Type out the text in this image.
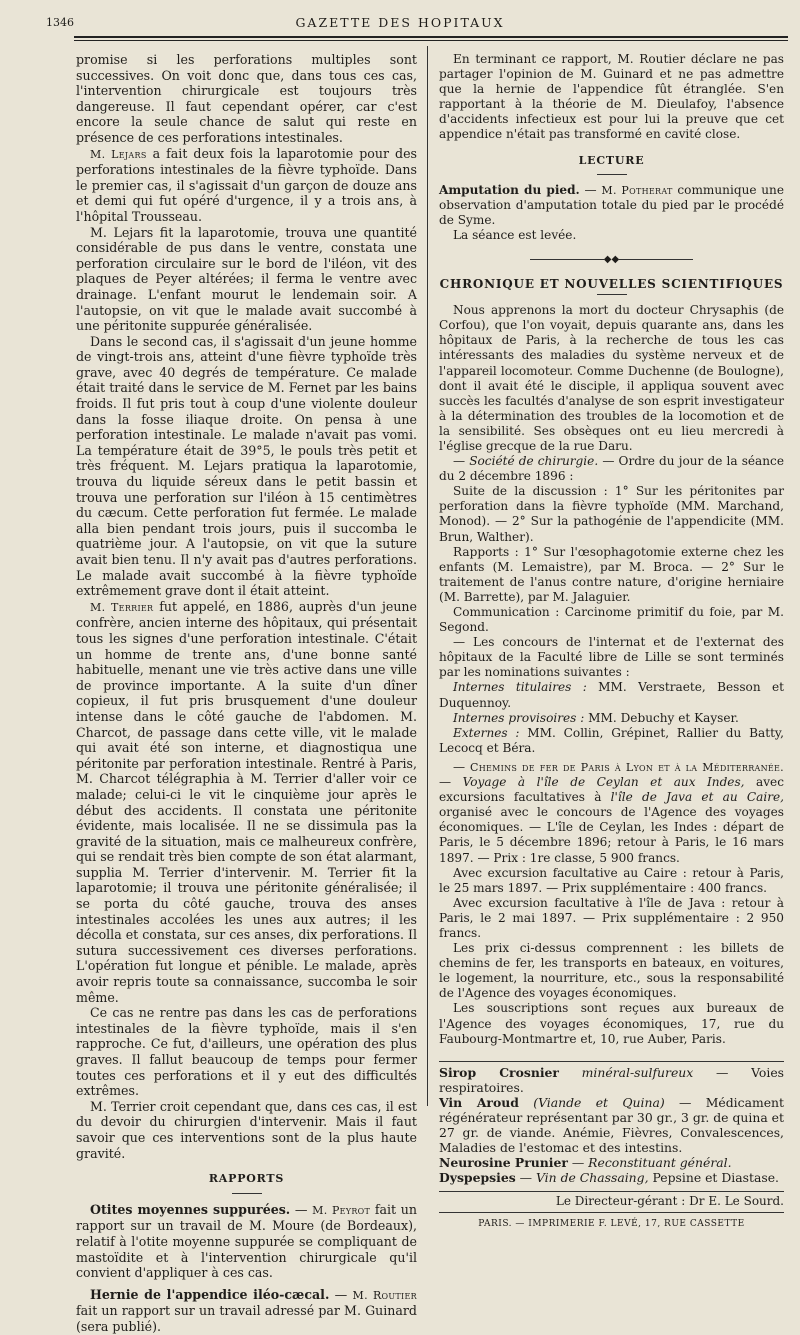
1346	GAZETTE DES HOPITAUX

promise si les perforations multiples sont successives. On voit donc que, dans tous ces cas, l'intervention chirurgicale est toujours très dangereuse. Il faut cependant opérer, car c'est encore la seule chance de salut qui reste en présence de ces perforations intestinales.

M. Lejars a fait deux fois la laparotomie pour des perforations intestinales de la fièvre typhoïde. Dans le premier cas, il s'agissait d'un garçon de douze ans et demi qui fut opéré d'urgence, il y a trois ans, à l'hôpital Trousseau.

M. Lejars fit la laparotomie, trouva une quantité considérable de pus dans le ventre, constata une perforation circulaire sur le bord de l'iléon, vit des plaques de Peyer altérées; il ferma le ventre avec drainage. L'enfant mourut le lendemain soir. A l'autopsie, on vit que le malade avait succombé à une péritonite suppurée généralisée.

Dans le second cas, il s'agissait d'un jeune homme de vingt-trois ans, atteint d'une fièvre typhoïde très grave, avec 40 degrés de température. Ce malade était traité dans le service de M. Fernet par les bains froids. Il fut pris tout à coup d'une violente douleur dans la fosse iliaque droite. On pensa à une perforation intestinale. Le malade n'avait pas vomi. La température était de 39°5, le pouls très petit et très fréquent. M. Lejars pratiqua la laparotomie, trouva du liquide séreux dans le petit bassin et trouva une perforation sur l'iléon à 15 centimètres du cæcum. Cette perforation fut fermée. Le malade alla bien pendant trois jours, puis il succomba le quatrième jour. A l'autopsie, on vit que la suture avait bien tenu. Il n'y avait pas d'autres perforations. Le malade avait succombé à la fièvre typhoïde extrêmement grave dont il était atteint.

M. Terrier fut appelé, en 1886, auprès d'un jeune confrère, ancien interne des hôpitaux, qui présentait tous les signes d'une perforation intestinale. C'était un homme de trente ans, d'une bonne santé habituelle, menant une vie très active dans une ville de province importante. A la suite d'un dîner copieux, il fut pris brusquement d'une douleur intense dans le côté gauche de l'abdomen. M. Charcot, de passage dans cette ville, vit le malade qui avait été son interne, et diagnostiqua une péritonite par perforation intestinale. Rentré à Paris, M. Charcot télégraphia à M. Terrier d'aller voir ce malade; celui-ci le vit le cinquième jour après le début des accidents. Il constata une péritonite évidente, mais localisée. Il ne se dissimula pas la gravité de la situation, mais ce malheureux confrère, qui se rendait très bien compte de son état alarmant, supplia M. Terrier d'intervenir. M. Terrier fit la laparotomie; il trouva une péritonite généralisée; il se porta du côté gauche, trouva des anses intestinales accolées les unes aux autres; il les décolla et constata, sur ces anses, dix perforations. Il sutura successivement ces diverses perforations. L'opération fut longue et pénible. Le malade, après avoir repris toute sa connaissance, succomba le soir même.

Ce cas ne rentre pas dans les cas de perforations intestinales de la fièvre typhoïde, mais il s'en rapproche. Ce fut, d'ailleurs, une opération des plus graves. Il fallut beaucoup de temps pour fermer toutes ces perforations et il y eut des difficultés extrêmes.

M. Terrier croit cependant que, dans ces cas, il est du devoir du chirurgien d'intervenir. Mais il faut savoir que ces interventions sont de la plus haute gravité.

RAPPORTS

Otites moyennes suppurées. — M. Peyrot fait un rapport sur un travail de M. Moure (de Bordeaux), relatif à l'otite moyenne suppurée se compliquant de mastoïdite et à l'intervention chirurgicale qu'il convient d'appliquer à ces cas.

Hernie de l'appendice iléo-cæcal. — M. Routier fait un rapport sur un travail adressé par M. Guinard (sera publié).

En terminant ce rapport, M. Routier déclare ne pas partager l'opinion de M. Guinard et ne pas admettre que la hernie de l'appendice fût étranglée. S'en rapportant à la théorie de M. Dieulafoy, l'absence d'accidents infectieux est pour lui la preuve que cet appendice n'était pas transformé en cavité close.

LECTURE

Amputation du pied. — M. Potherat communique une observation d'amputation totale du pied par le procédé de Syme.

La séance est levée.

◆◆
CHRONIQUE ET NOUVELLES SCIENTIFIQUES

Nous apprenons la mort du docteur Chrysaphis (de Corfou), que l'on voyait, depuis quarante ans, dans les hôpitaux de Paris, à la recherche de tous les cas intéressants des maladies du système nerveux et de l'appareil locomoteur. Comme Duchenne (de Boulogne), dont il avait été le disciple, il appliqua souvent avec succès les facultés d'analyse de son esprit investigateur à la détermination des troubles de la locomotion et de la sensibilité. Ses obsèques ont eu lieu mercredi à l'église grecque de la rue Daru.

— Société de chirurgie. — Ordre du jour de la séance du 2 décembre 1896 :

Suite de la discussion : 1° Sur les péritonites par perforation dans la fièvre typhoïde (MM. Marchand, Monod). — 2° Sur la pathogénie de l'appendicite (MM. Brun, Walther).

Rapports : 1° Sur l'œsophagotomie externe chez les enfants (M. Lemaistre), par M. Broca. — 2° Sur le traitement de l'anus contre nature, d'origine herniaire (M. Barrette), par M. Jalaguier.

Communication : Carcinome primitif du foie, par M. Segond.

— Les concours de l'internat et de l'externat des hôpitaux de la Faculté libre de Lille se sont terminés par les nominations suivantes :

Internes titulaires : MM. Verstraete, Besson et Duquennoy.

Internes provisoires : MM. Debuchy et Kayser.

Externes : MM. Collin, Grépinet, Rallier du Batty, Lecocq et Béra.

— Chemins de fer de Paris à Lyon et à la Méditerranée. — Voyage à l'île de Ceylan et aux Indes, avec excursions facultatives à l'île de Java et au Caire, organisé avec le concours de l'Agence des voyages économiques. — L'île de Ceylan, les Indes : départ de Paris, le 5 décembre 1896; retour à Paris, le 16 mars 1897. — Prix : 1re classe, 5 900 francs.

Avec excursion facultative au Caire : retour à Paris, le 25 mars 1897. — Prix supplémentaire : 400 francs.

Avec excursion facultative à l'île de Java : retour à Paris, le 2 mai 1897. — Prix supplémentaire : 2 950 francs.

Les prix ci-dessus comprennent : les billets de chemins de fer, les transports en bateaux, en voitures, le logement, la nourriture, etc., sous la responsabilité de l'Agence des voyages économiques.

Les souscriptions sont reçues aux bureaux de l'Agence des voyages économiques, 17, rue du Faubourg-Montmartre et, 10, rue Auber, Paris.

Sirop Crosnier minéral-sulfureux — Voies respiratoires.

Vin Aroud (Viande et Quina) — Médicament régénérateur représentant par 30 gr., 3 gr. de quina et 27 gr. de viande. Anémie, Fièvres, Convalescences, Maladies de l'estomac et des intestins.

Neurosine Prunier — Reconstituant général.

Dyspepsies — Vin de Chassaing, Pepsine et Diastase.

Le Directeur-gérant : Dr E. Le Sourd.
PARIS. — IMPRIMERIE F. LEVÉ, 17, RUE CASSETTE
